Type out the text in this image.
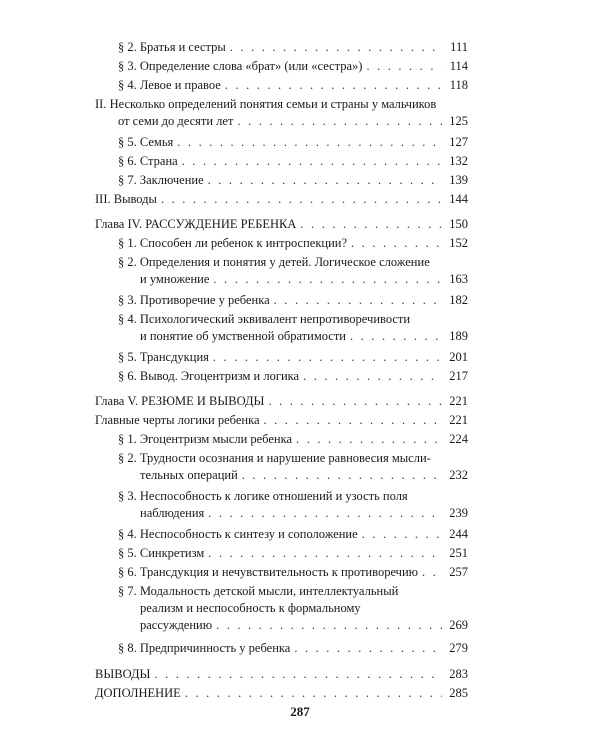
§ 2. Братья и сестры . . .	111
§ 3. Определение слова «брат» (или «сестра») . . .	114
§ 4. Левое и правое . . .	118
II. Несколько определений понятия семьи и страны у мальчиков
от семи до десяти лет . . .	125
§ 5. Семья . . .	127
§ 6. Страна . . .	132
§ 7. Заключение . . .	139
III. Выводы . . .	144
Глава IV. РАССУЖДЕНИЕ РЕБЕНКА . . .	150
§ 1. Способен ли ребенок к интроспекции? . . .	152
§ 2. Определения и понятия у детей. Логическое сложение
и умножение . . .	163
§ 3. Противоречие у ребенка . . .	182
§ 4. Психологический эквивалент непротиворечивости
и понятие об умственной обратимости . . .	189
§ 5. Трансдукция . . .	201
§ 6. Вывод. Эгоцентризм и логика . . .	217
Глава V. РЕЗЮМЕ И ВЫВОДЫ . . .	221
Главные черты логики ребенка . . .	221
§ 1. Эгоцентризм мысли ребенка . . .	224
§ 2. Трудности осознания и нарушение равновесия мысли-
тельных операций . . .	232
§ 3. Неспособность к логике отношений и узость поля
наблюдения . . .	239
§ 4. Неспособность к синтезу и соположение . . .	244
§ 5. Синкретизм . . .	251
§ 6. Трансдукция и нечувствительность к противоречию . . .	257
§ 7. Модальность детской мысли, интеллектуальный
реализм и неспособность к формальному
рассуждению . . .	269
§ 8. Предпричинность у ребенка . . .	279
ВЫВОДЫ . . .	283
ДОПОЛНЕНИЕ . . .	285
287
